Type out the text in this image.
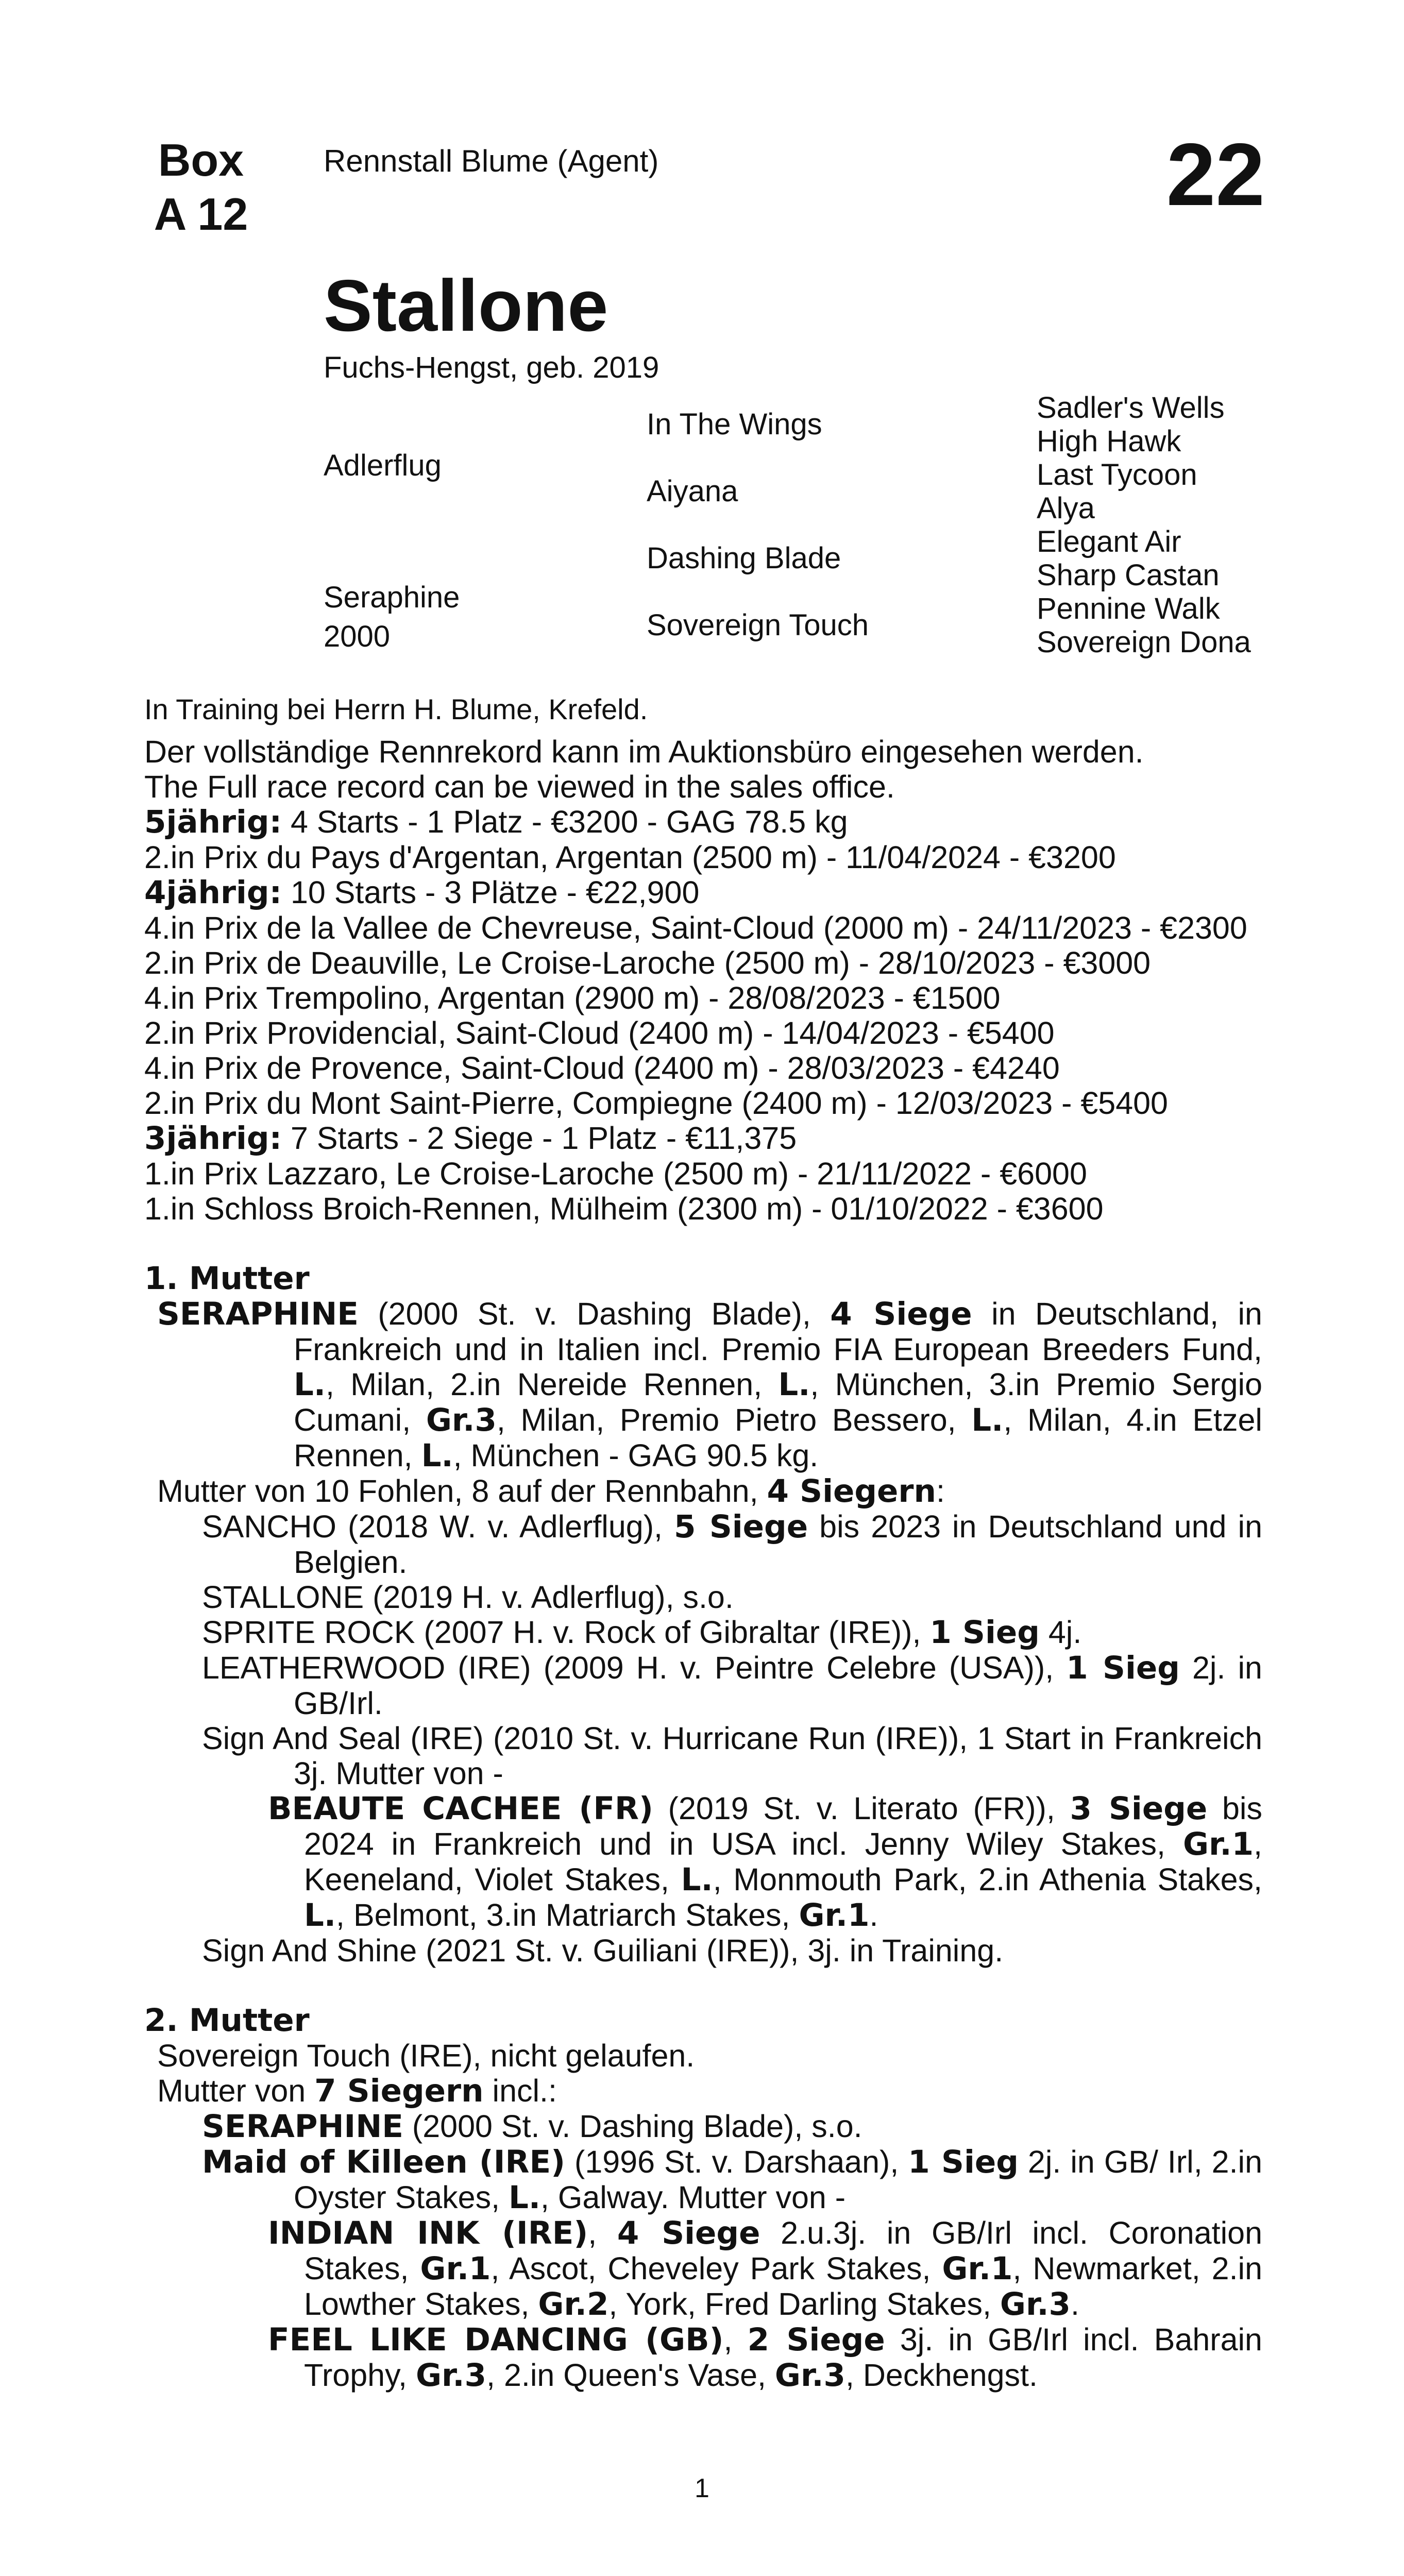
Box
A 12
Rennstall Blume (Agent)	22
Stallone
Fuchs-Hengst, geb. 2019
Adlerflug
Seraphine
2000
In The Wings
Aiyana
Dashing Blade
Sovereign Touch
Sadler's Wells
High Hawk
Last Tycoon
Alya
Elegant Air
Sharp Castan
Pennine Walk
Sovereign Dona
In Training bei Herrn H. Blume, Krefeld.

Der vollständige Rennrekord kann im Auktionsbüro eingesehen werden.

The Full race record can be viewed in the sales office.

5jährig: 4 Starts - 1 Platz - €3200 - GAG 78.5 kg

2.in Prix du Pays d'Argentan, Argentan (2500 m) - 11/04/2024 - €3200

4jährig: 10 Starts - 3 Plätze - €22,900

4.in Prix de la Vallee de Chevreuse, Saint-Cloud (2000 m) - 24/11/2023 - €2300

2.in Prix de Deauville, Le Croise-Laroche (2500 m) - 28/10/2023 - €3000

4.in Prix Trempolino, Argentan (2900 m) - 28/08/2023 - €1500

2.in Prix Providencial, Saint-Cloud (2400 m) - 14/04/2023 - €5400

4.in Prix de Provence, Saint-Cloud (2400 m) - 28/03/2023 - €4240

2.in Prix du Mont Saint-Pierre, Compiegne (2400 m) - 12/03/2023 - €5400

3jährig: 7 Starts - 2 Siege - 1 Platz - €11,375

1.in Prix Lazzaro, Le Croise-Laroche (2500 m) - 21/11/2022 - €6000

1.in Schloss Broich-Rennen, Mülheim (2300 m) - 01/10/2022 - €3600

1. Mutter

SERAPHINE (2000 St. v. Dashing Blade), 4 Siege in Deutschland, in Frankreich und in Italien incl. Premio FIA European Breeders Fund, L., Milan, 2.in Nereide Rennen, L., München, 3.in Premio Sergio Cumani, Gr.3, Milan, Premio Pietro Bessero, L., Milan, 4.in Etzel Rennen, L., München - GAG 90.5 kg.

Mutter von 10 Fohlen, 8 auf der Rennbahn, 4 Siegern:

SANCHO (2018 W. v. Adlerflug), 5 Siege bis 2023 in Deutschland und in Belgien.

STALLONE (2019 H. v. Adlerflug), s.o.

SPRITE ROCK (2007 H. v. Rock of Gibraltar (IRE)), 1 Sieg 4j.

LEATHERWOOD (IRE) (2009 H. v. Peintre Celebre (USA)), 1 Sieg 2j. in GB/Irl.

Sign And Seal (IRE) (2010 St. v. Hurricane Run (IRE)), 1 Start in Frankreich 3j. Mutter von -

BEAUTE CACHEE (FR) (2019 St. v. Literato (FR)), 3 Siege bis 2024 in Frankreich und in USA incl. Jenny Wiley Stakes, Gr.1, Keeneland, Violet Stakes, L., Monmouth Park, 2.in Athenia Stakes, L., Belmont, 3.in Matriarch Stakes, Gr.1.

Sign And Shine (2021 St. v. Guiliani (IRE)), 3j. in Training.

2. Mutter

Sovereign Touch (IRE), nicht gelaufen.

Mutter von 7 Siegern incl.:

SERAPHINE (2000 St. v. Dashing Blade), s.o.

Maid of Killeen (IRE) (1996 St. v. Darshaan), 1 Sieg 2j. in GB/ Irl, 2.in Oyster Stakes, L., Galway. Mutter von -

INDIAN INK (IRE), 4 Siege 2.u.3j. in GB/Irl incl. Coronation Stakes, Gr.1, Ascot, Cheveley Park Stakes, Gr.1, Newmarket, 2.in Lowther Stakes, Gr.2, York, Fred Darling Stakes, Gr.3.

FEEL LIKE DANCING (GB), 2 Siege 3j. in GB/Irl incl. Bahrain Trophy, Gr.3, 2.in Queen's Vase, Gr.3, Deckhengst.

1
